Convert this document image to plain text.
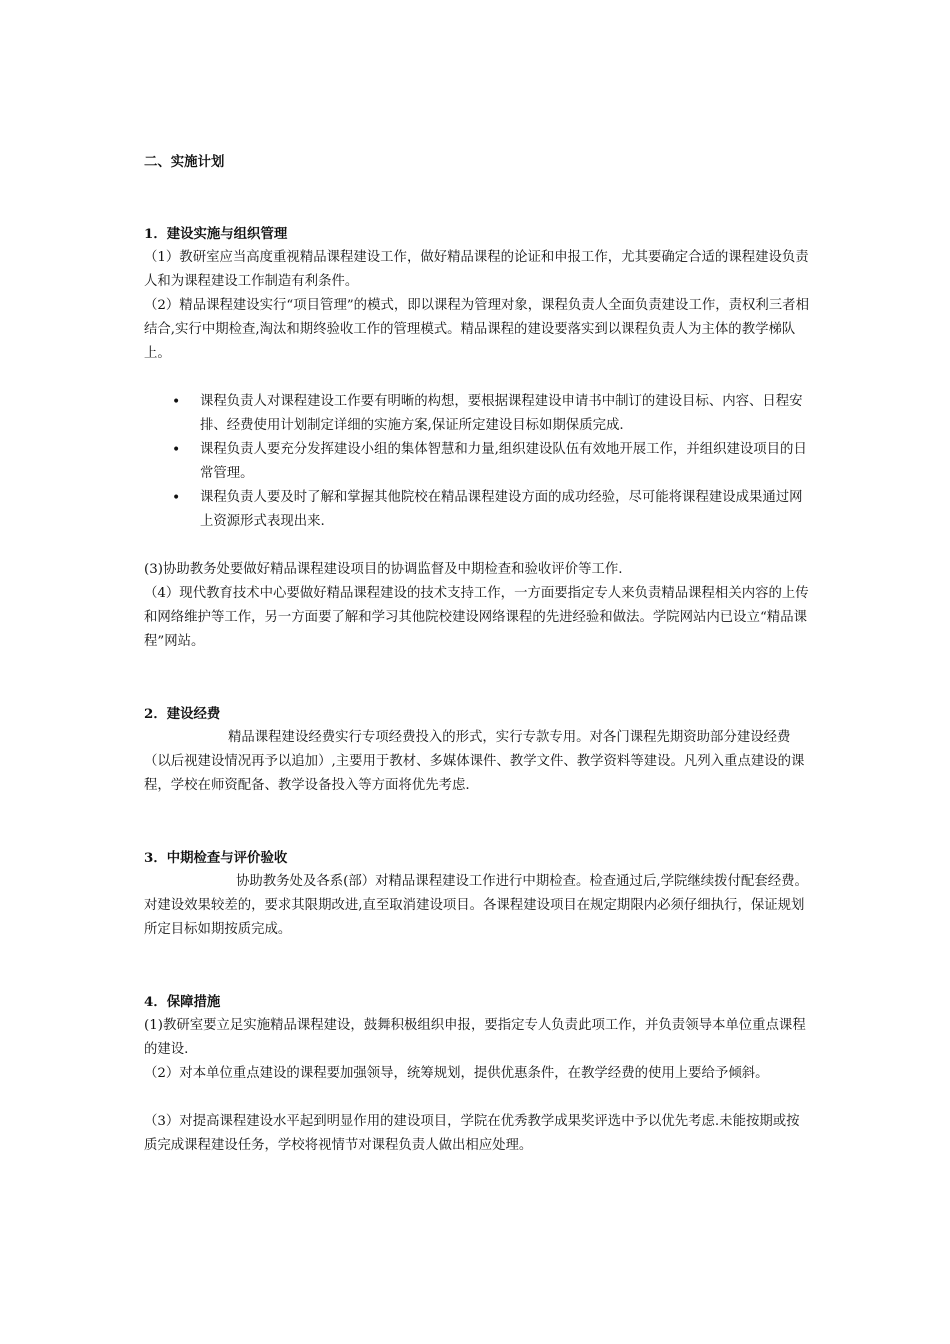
二、实施计划
1．建设实施与组织管理

（1）教研室应当高度重视精品课程建设工作，做好精品课程的论证和申报工作，尤其要确定合适的课程建设负责人和为课程建设工作制造有利条件。

（2）精品课程建设实行“项目管理”的模式，即以课程为管理对象，课程负责人全面负责建设工作，责权利三者相结合,实行中期检查,淘汰和期终验收工作的管理模式。精品课程的建设要落实到以课程负责人为主体的教学梯队上。

• 课程负责人对课程建设工作要有明晰的构想，要根据课程建设申请书中制订的建设目标、内容、日程安排、经费使用计划制定详细的实施方案,保证所定建设目标如期保质完成.
• 课程负责人要充分发挥建设小组的集体智慧和力量,组织建设队伍有效地开展工作，并组织建设项目的日常管理。
• 课程负责人要及时了解和掌握其他院校在精品课程建设方面的成功经验，尽可能将课程建设成果通过网上资源形式表现出来.

(3)协助教务处要做好精品课程建设项目的协调监督及中期检查和验收评价等工作.

（4）现代教育技术中心要做好精品课程建设的技术支持工作，一方面要指定专人来负责精品课程相关内容的上传和网络维护等工作，另一方面要了解和学习其他院校建设网络课程的先进经验和做法。学院网站内已设立“精品课程”网站。

2．建设经费

精品课程建设经费实行专项经费投入的形式，实行专款专用。对各门课程先期资助部分建设经费（以后视建设情况再予以追加）,主要用于教材、多媒体课件、教学文件、教学资料等建设。凡列入重点建设的课程，学校在师资配备、教学设备投入等方面将优先考虑.

3．中期检查与评价验收

协助教务处及各系(部）对精品课程建设工作进行中期检查。检查通过后,学院继续拨付配套经费。对建设效果较差的，要求其限期改进,直至取消建设项目。各课程建设项目在规定期限内必须仔细执行，保证规划所定目标如期按质完成。

4．保障措施

(1)教研室要立足实施精品课程建设，鼓舞积极组织申报，要指定专人负责此项工作，并负责领导本单位重点课程的建设.

（2）对本单位重点建设的课程要加强领导，统筹规划，提供优惠条件，在教学经费的使用上要给予倾斜。

（3）对提高课程建设水平起到明显作用的建设项目，学院在优秀教学成果奖评选中予以优先考虑.未能按期或按质完成课程建设任务，学校将视情节对课程负责人做出相应处理。
